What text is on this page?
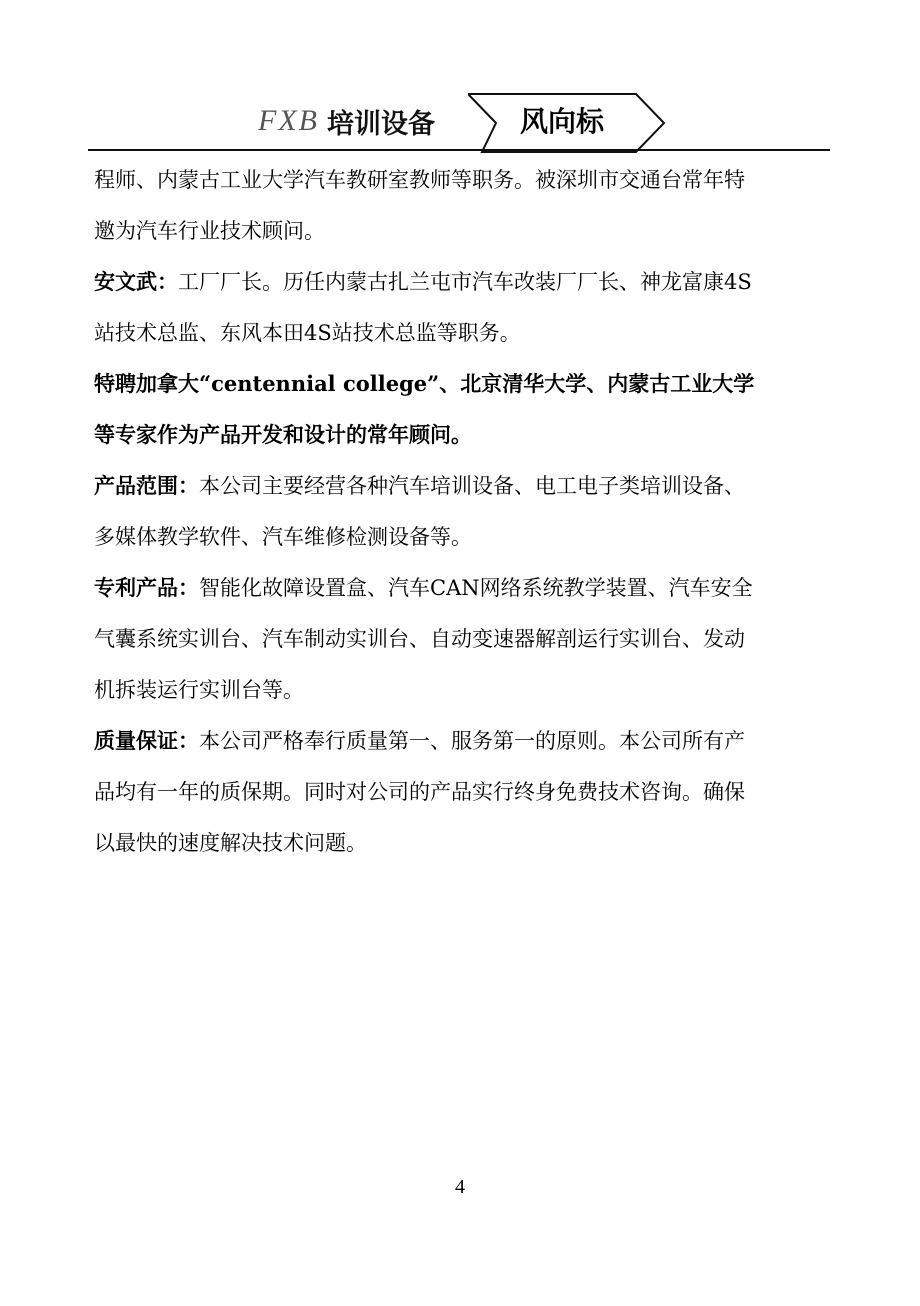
FXB 培训设备	风向标
程师、内蒙古工业大学汽车教研室教师等职务。被深圳市交通台常年特
邀为汽车行业技术顾问。
安文武：工厂厂长。历任内蒙古扎兰屯市汽车改装厂厂长、神龙富康4S
站技术总监、东风本田4S站技术总监等职务。
特聘加拿大“centennial college”、北京清华大学、内蒙古工业大学
等专家作为产品开发和设计的常年顾问。
产品范围：本公司主要经营各种汽车培训设备、电工电子类培训设备、
多媒体教学软件、汽车维修检测设备等。
专利产品：智能化故障设置盒、汽车CAN网络系统教学装置、汽车安全
气囊系统实训台、汽车制动实训台、自动变速器解剖运行实训台、发动
机拆装运行实训台等。
质量保证：本公司严格奉行质量第一、服务第一的原则。本公司所有产
品均有一年的质保期。同时对公司的产品实行终身免费技术咨询。确保
以最快的速度解决技术问题。
4
